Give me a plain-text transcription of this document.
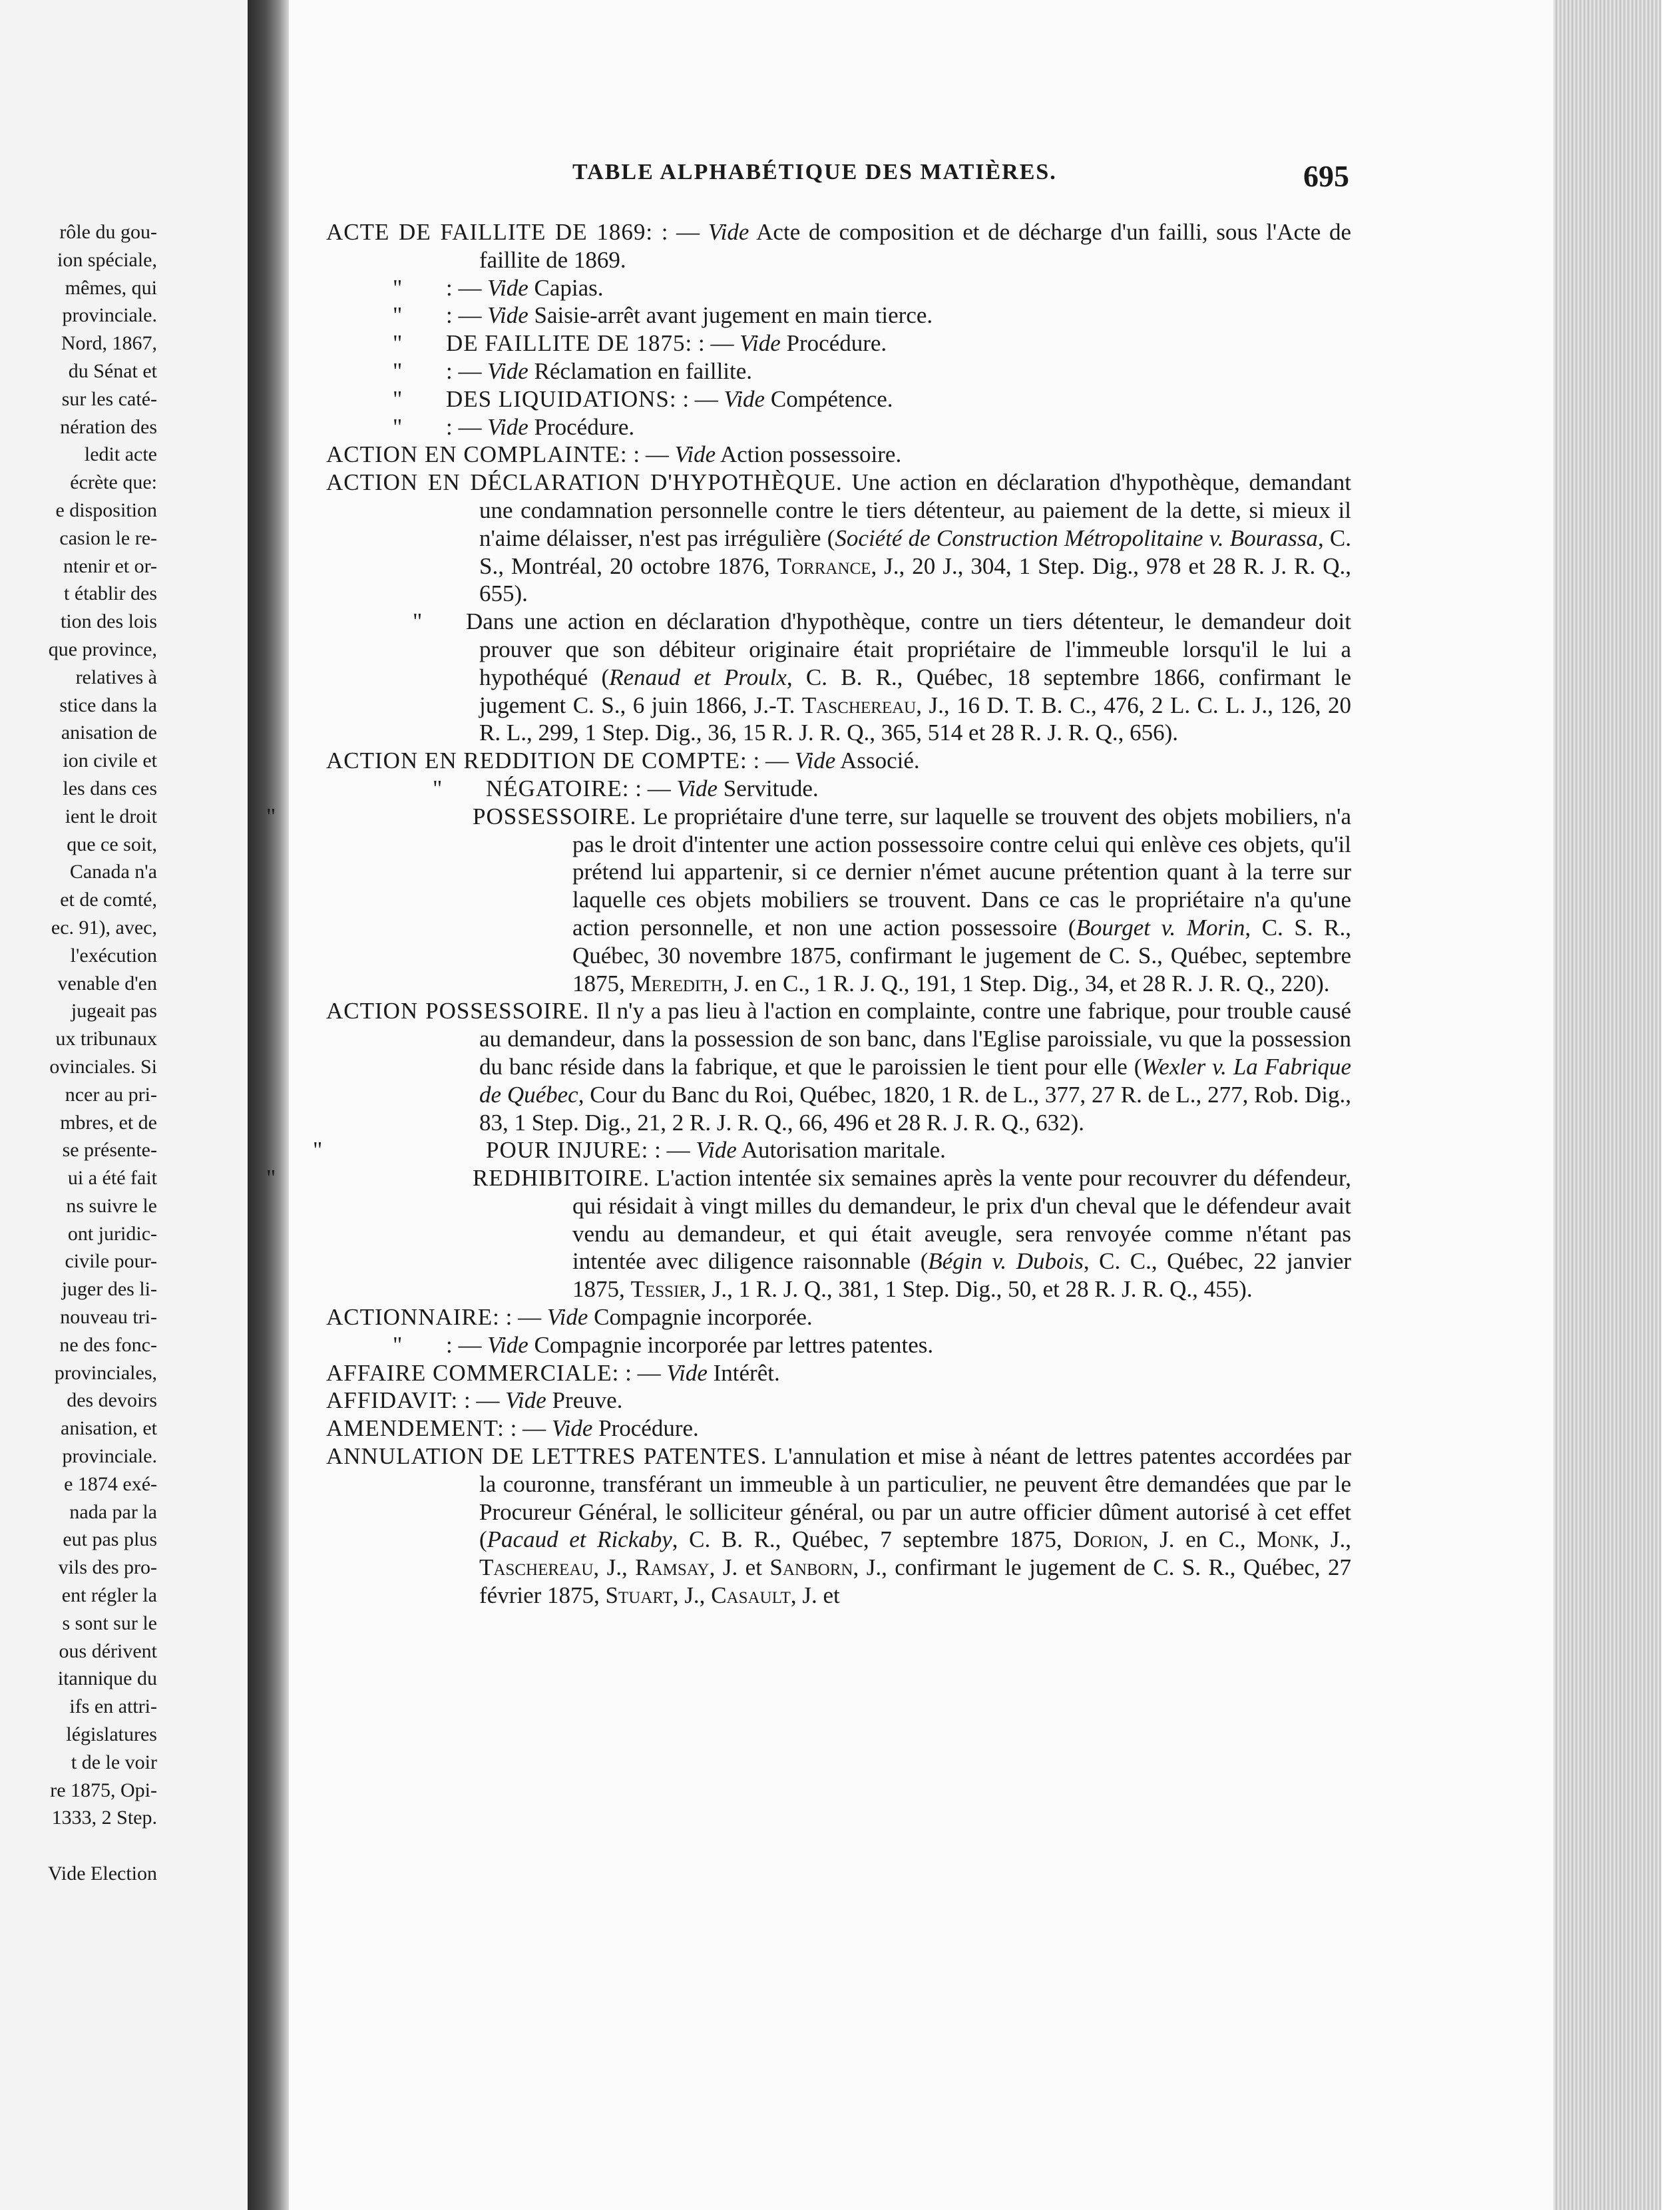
rôle du gou-
ion spéciale,
mêmes, qui
provinciale.
Nord, 1867,
du Sénat et
sur les caté-
nération des
ledit acte
écrète que:
e disposition
casion le re-
ntenir et or-
t établir des
tion des lois
que province,
relatives à
stice dans la
anisation de
ion civile et
les dans ces
ient le droit
que ce soit,
Canada n'a
et de comté,
ec. 91), avec,
l'exécution
venable d'en
jugeait pas
ux tribunaux
ovinciales. Si
ncer au pri-
mbres, et de
se présente-
ui a été fait
ns suivre le
ont juridic-
civile pour-
juger des li-
nouveau tri-
ne des fonc-
provinciales,
des devoirs
anisation, et
provinciale.
e 1874 exé-
nada par la
eut pas plus
vils des pro-
ent régler la
s sont sur le
ous dérivent
itannique du
ifs en attri-
législatures
t de le voir
re 1875, Opi-
1333, 2 Step.

Vide Election
TABLE ALPHABÉTIQUE DES MATIÈRES.	695

ACTE DE FAILLITE DE 1869: : — Vide Acte de composition et de décharge d'un failli, sous l'Acte de faillite de 1869.

" : — Vide Capias.

" : — Vide Saisie-arrêt avant jugement en main tierce.

" DE FAILLITE DE 1875: : — Vide Procédure.

" : — Vide Réclamation en faillite.

" DES LIQUIDATIONS: : — Vide Compétence.

" : — Vide Procédure.

ACTION EN COMPLAINTE: : — Vide Action possessoire.

ACTION EN DÉCLARATION D'HYPOTHÈQUE. Une action en déclaration d'hypothèque, demandant une condamnation personnelle contre le tiers détenteur, au paiement de la dette, si mieux il n'aime délaisser, n'est pas irrégulière (Société de Construction Métropolitaine v. Bourassa, C. S., Montréal, 20 octobre 1876, Torrance, J., 20 J., 304, 1 Step. Dig., 978 et 28 R. J. R. Q., 655).

" Dans une action en déclaration d'hypothèque, contre un tiers détenteur, le demandeur doit prouver que son débiteur originaire était propriétaire de l'immeuble lorsqu'il le lui a hypothéqué (Renaud et Proulx, C. B. R., Québec, 18 septembre 1866, confirmant le jugement C. S., 6 juin 1866, J.-T. Taschereau, J., 16 D. T. B. C., 476, 2 L. C. L. J., 126, 20 R. L., 299, 1 Step. Dig., 36, 15 R. J. R. Q., 365, 514 et 28 R. J. R. Q., 656).

ACTION EN REDDITION DE COMPTE: : — Vide Associé.

" NÉGATOIRE: : — Vide Servitude.

"	POSSESSOIRE. Le propriétaire d'une terre, sur laquelle se trouvent des objets mobiliers, n'a pas le droit d'intenter une action possessoire contre celui qui enlève ces objets, qu'il prétend lui appartenir, si ce dernier n'émet aucune prétention quant à la terre sur laquelle ces objets mobiliers se trouvent. Dans ce cas le propriétaire n'a qu'une action personnelle, et non une action possessoire (Bourget v. Morin, C. S. R., Québec, 30 novembre 1875, confirmant le jugement de C. S., Québec, septembre 1875, Meredith, J. en C., 1 R. J. Q., 191, 1 Step. Dig., 34, et 28 R. J. R. Q., 220).

ACTION POSSESSOIRE. Il n'y a pas lieu à l'action en complainte, contre une fabrique, pour trouble causé au demandeur, dans la possession de son banc, dans l'Eglise paroissiale, vu que la possession du banc réside dans la fabrique, et que le paroissien le tient pour elle (Wexler v. La Fabrique de Québec, Cour du Banc du Roi, Québec, 1820, 1 R. de L., 377, 27 R. de L., 277, Rob. Dig., 83, 1 Step. Dig., 21, 2 R. J. R. Q., 66, 496 et 28 R. J. R. Q., 632).

"	POUR INJURE: : — Vide Autorisation maritale.

"	REDHIBITOIRE. L'action intentée six semaines après la vente pour recouvrer du défendeur, qui résidait à vingt milles du demandeur, le prix d'un cheval que le défendeur avait vendu au demandeur, et qui était aveugle, sera renvoyée comme n'étant pas intentée avec diligence raisonnable (Bégin v. Dubois, C. C., Québec, 22 janvier 1875, Tessier, J., 1 R. J. Q., 381, 1 Step. Dig., 50, et 28 R. J. R. Q., 455).

ACTIONNAIRE: : — Vide Compagnie incorporée.

" : — Vide Compagnie incorporée par lettres patentes.

AFFAIRE COMMERCIALE: : — Vide Intérêt.

AFFIDAVIT: : — Vide Preuve.

AMENDEMENT: : — Vide Procédure.

ANNULATION DE LETTRES PATENTES. L'annulation et mise à néant de lettres patentes accordées par la couronne, transférant un immeuble à un particulier, ne peuvent être demandées que par le Procureur Général, le solliciteur général, ou par un autre officier dûment autorisé à cet effet (Pacaud et Rickaby, C. B. R., Québec, 7 septembre 1875, Dorion, J. en C., Monk, J., Taschereau, J., Ramsay, J. et Sanborn, J., confirmant le jugement de C. S. R., Québec, 27 février 1875, Stuart, J., Casault, J. et
